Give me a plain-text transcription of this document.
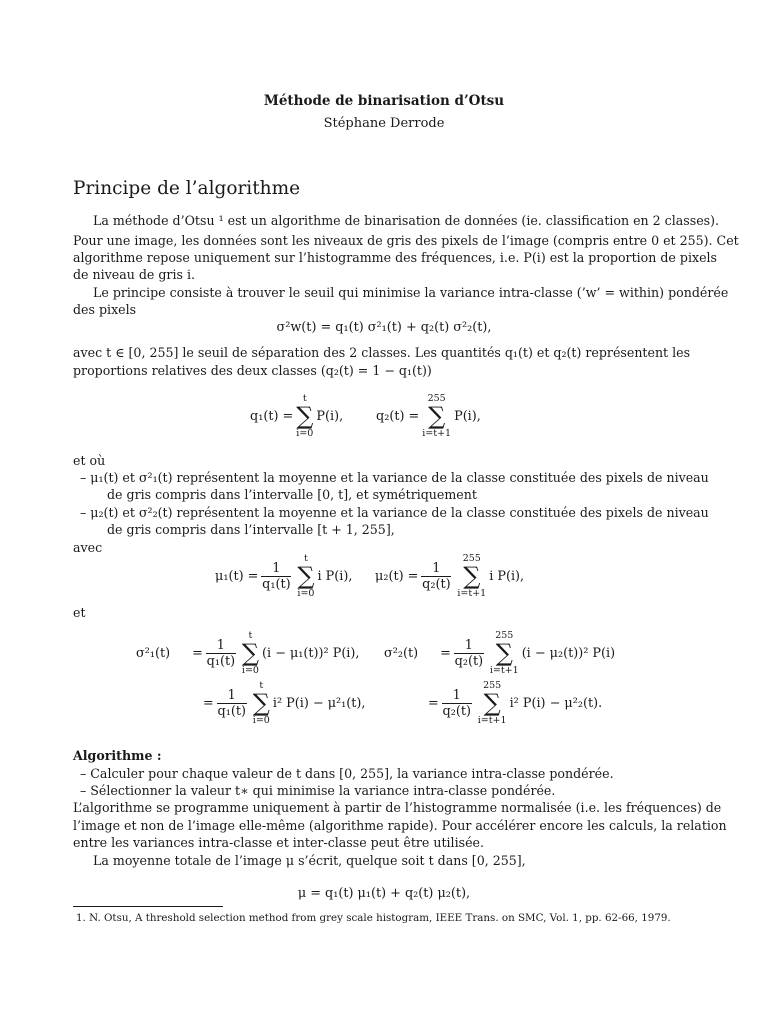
Méthode de binarisation d’Otsu
Stéphane Derrode
Principe de l’algorithme
La méthode d’Otsu ¹ est un algorithme de binarisation de données (ie. classification en 2 classes).
Pour une image, les données sont les niveaux de gris des pixels de l’image (compris entre 0 et 255). Cet
algorithme repose uniquement sur l’histogramme des fréquences, i.e. P(i) est la proportion de pixels
de niveau de gris i.
Le principe consiste à trouver le seuil qui minimise la variance intra-classe (’w’ = within) pondérée
des pixels
σ²w(t) = q₁(t) σ²₁(t) + q₂(t) σ²₂(t),
avec t ∈ [0, 255] le seuil de séparation des 2 classes. Les quantités q₁(t) et q₂(t) représentent les
proportions relatives des deux classes (q₂(t) = 1 − q₁(t))
q₁(t) =
t
∑
i=0
P(i),	q₂(t) =
255
∑
i=t+1
P(i),
et où
– μ₁(t) et σ²₁(t) représentent la moyenne et la variance de la classe constituée des pixels de niveau
de gris compris dans l’intervalle [0, t], et symétriquement
– μ₂(t) et σ²₂(t) représentent la moyenne et la variance de la classe constituée des pixels de niveau
de gris compris dans l’intervalle [t + 1, 255],
avec
$\mu_1(t) = \frac{1}{\text{q₁(t)}}$
t
∑
i=0
i P(i), $\mu_2(t) = \frac{1}{\text{q₂(t)}}$
255
∑
i=t+1
i P(i),
et
$\sigma^2_1(t) = \frac{1}{\text{q₁(t)}}$
t
∑
i=0
(i − μ₁(t))² P(i),
= $\frac{1}{\text{q₁(t)}}$
t
∑
i=0
i² P(i) − μ²₁(t),
$\sigma^2_2(t) = \frac{1}{\text{q₂(t)}}$
255
∑
i=t+1
(i − μ₂(t))² P(i)
= $\frac{1}{\text{q₂(t)}}$
255
∑
i=t+1
i² P(i) − μ²₂(t).
Algorithme :
– Calculer pour chaque valeur de t dans [0, 255], la variance intra-classe pondérée.
– Sélectionner la valeur t∗ qui minimise la variance intra-classe pondérée.
L’algorithme se programme uniquement à partir de l’histogramme normalisée (i.e. les fréquences) de
l’image et non de l’image elle-même (algorithme rapide). Pour accélérer encore les calculs, la relation
entre les variances intra-classe et inter-classe peut être utilisée.
La moyenne totale de l’image μ s’écrit, quelque soit t dans [0, 255],
μ = q₁(t) μ₁(t) + q₂(t) μ₂(t),
1. N. Otsu, A threshold selection method from grey scale histogram, IEEE Trans. on SMC, Vol. 1, pp. 62-66, 1979.
